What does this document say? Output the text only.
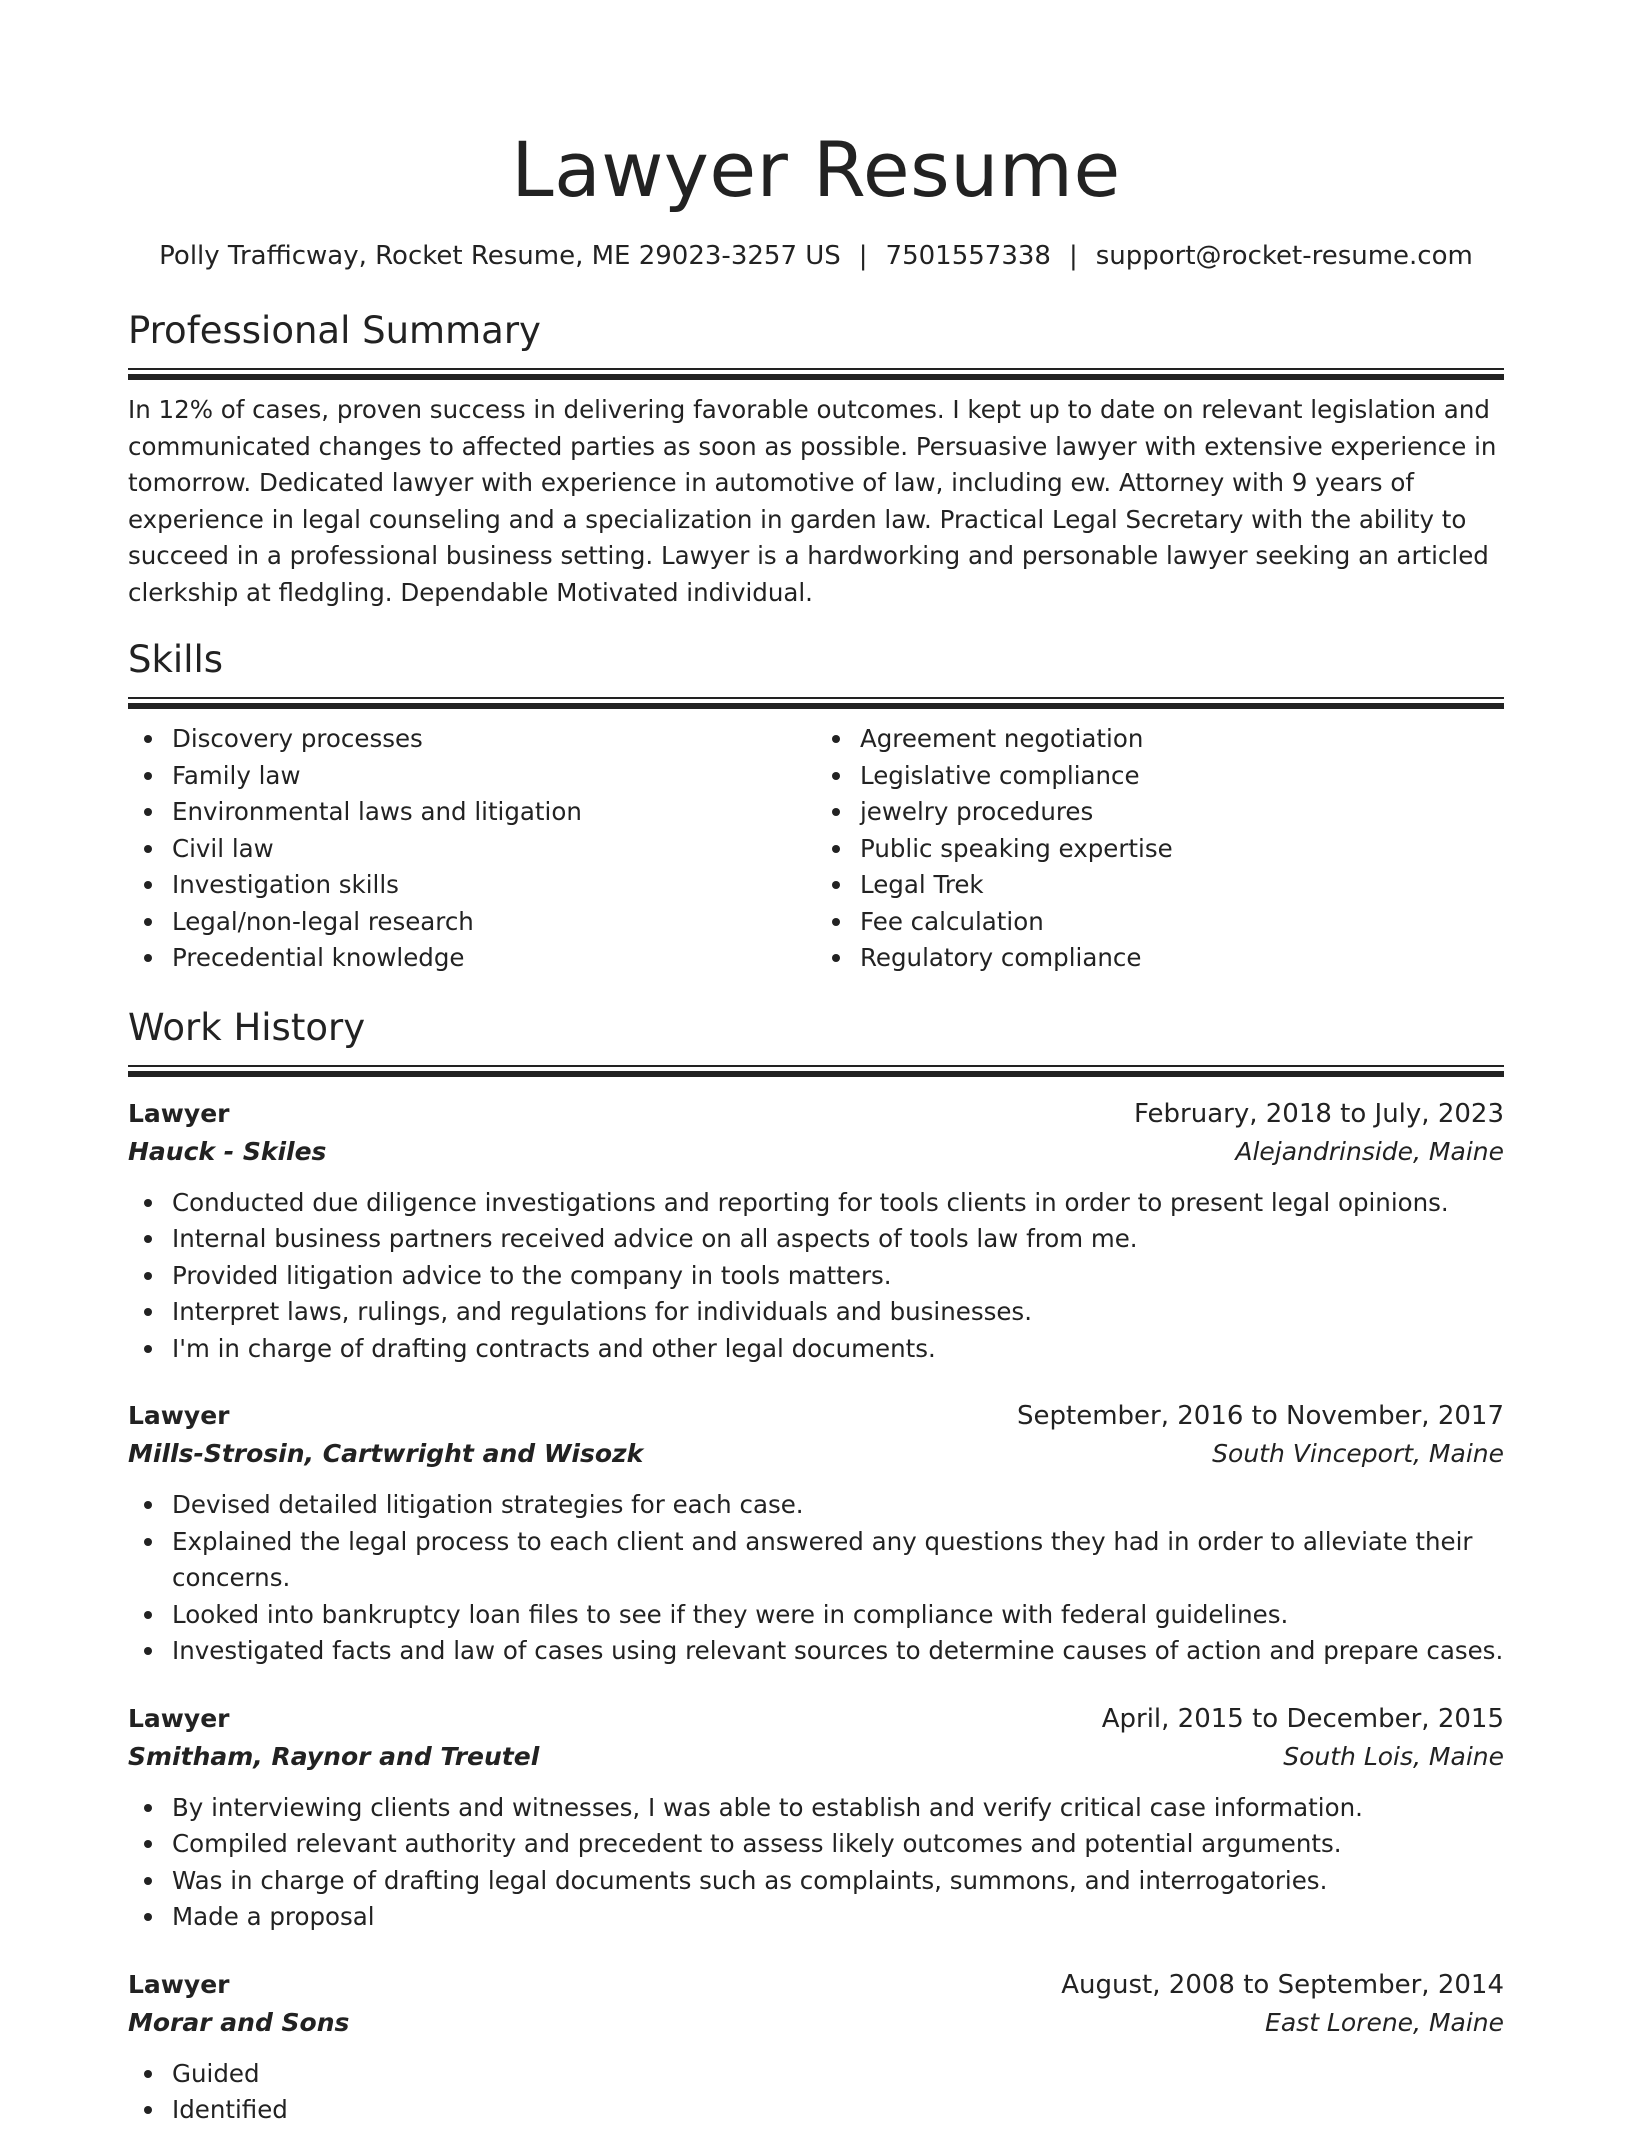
Lawyer Resume
Polly Trafficway, Rocket Resume, ME 29023-3257 US | 7501557338 | support@rocket-resume.com
Professional Summary

In 12% of cases, proven success in delivering favorable outcomes. I kept up to date on relevant legislation and communicated changes to affected parties as soon as possible. Persuasive lawyer with extensive experience in tomorrow. Dedicated lawyer with experience in automotive of law, including ew. Attorney with 9 years of experience in legal counseling and a specialization in garden law. Practical Legal Secretary with the ability to succeed in a professional business setting. Lawyer is a hardworking and personable lawyer seeking an articled clerkship at fledgling. Dependable Motivated individual.

Skills
Discovery processes
Family law
Environmental laws and litigation
Civil law
Investigation skills
Legal/non-legal research
Precedential knowledge
Agreement negotiation
Legislative compliance
jewelry procedures
Public speaking expertise
Legal Trek
Fee calculation
Regulatory compliance
Work History
Lawyer	February, 2018 to July, 2023
Hauck - Skiles	Alejandrinside, Maine
Conducted due diligence investigations and reporting for tools clients in order to present legal opinions.
Internal business partners received advice on all aspects of tools law from me.
Provided litigation advice to the company in tools matters.
Interpret laws, rulings, and regulations for individuals and businesses.
I'm in charge of drafting contracts and other legal documents.
Lawyer	September, 2016 to November, 2017
Mills-Strosin, Cartwright and Wisozk	South Vinceport, Maine
Devised detailed litigation strategies for each case.
Explained the legal process to each client and answered any questions they had in order to alleviate their concerns.
Looked into bankruptcy loan files to see if they were in compliance with federal guidelines.
Investigated facts and law of cases using relevant sources to determine causes of action and prepare cases.
Lawyer	April, 2015 to December, 2015
Smitham, Raynor and Treutel	South Lois, Maine
By interviewing clients and witnesses, I was able to establish and verify critical case information.
Compiled relevant authority and precedent to assess likely outcomes and potential arguments.
Was in charge of drafting legal documents such as complaints, summons, and interrogatories.
Made a proposal
Lawyer	August, 2008 to September, 2014
Morar and Sons	East Lorene, Maine
Guided
Identified
